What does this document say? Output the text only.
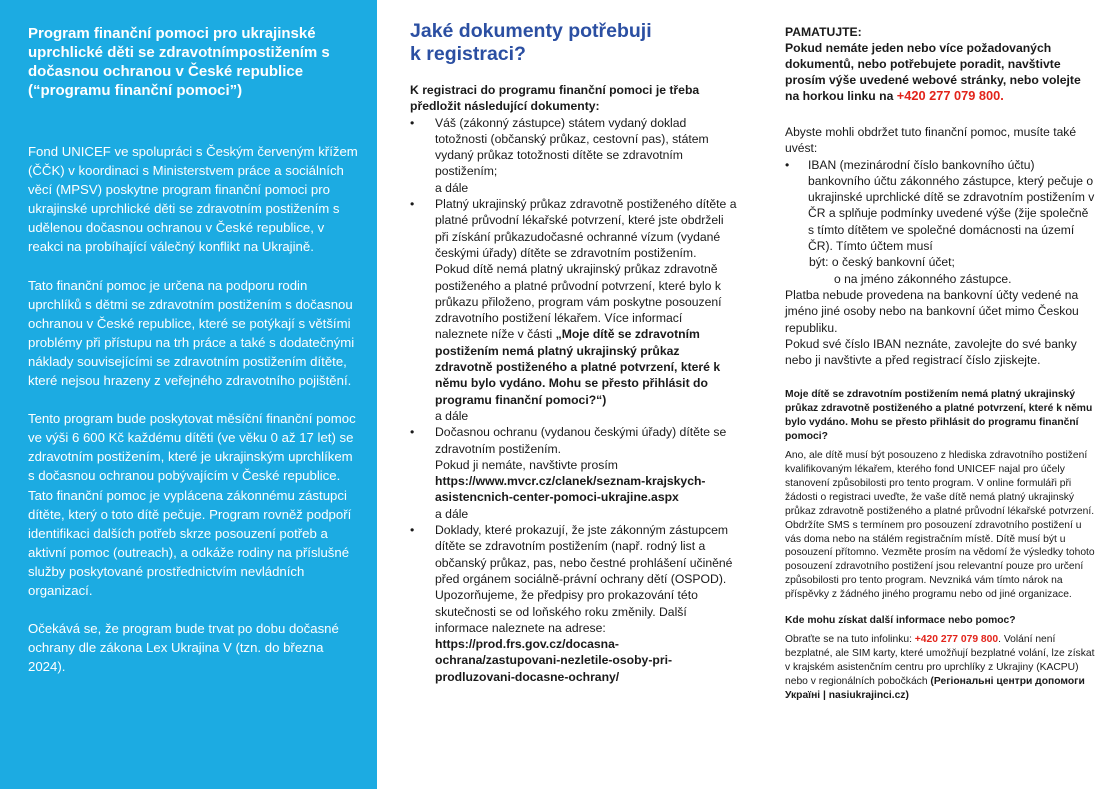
Program finanční pomoci pro ukrajinské uprchlické děti se zdravotnímpostižením s dočasnou ochranou v České republice (“programu finanční pomoci”)

Fond UNICEF ve spolupráci s Českým červeným křížem (ČČK) v koordinaci s Ministerstvem práce a sociálních věcí (MPSV) poskytne program finanční pomoci pro ukrajinské uprchlické děti se zdravotním postižením s udělenou dočasnou ochranou v České republice, v reakci na probíhající válečný konflikt na Ukrajině.

Tato finanční pomoc je určena na podporu rodin uprchlíků s dětmi se zdravotním postižením s dočasnou ochranou v České republice, které se potýkají s většími problémy při přístupu na trh práce a také s dodatečnými náklady souvisejícími se zdravotním postižením dítěte, které nejsou hrazeny z veřejného zdravotního pojištění.

Tento program bude poskytovat měsíční finanční pomoc ve výši 6 600 Kč každému dítěti (ve věku 0 až 17 let) se zdravotním postižením, které je ukrajinským uprchlíkem s dočasnou ochranou pobývajícím v České republice. Tato finanční pomoc je vyplácena zákonnému zástupci dítěte, který o toto dítě pečuje. Program rovněž podpoří identifikaci dalších potřeb skrze posouzení potřeb a aktivní pomoc (outreach), a odkáže rodiny na příslušné služby poskytované prostřednictvím nevládních organizací.

Očekává se, že program bude trvat po dobu dočasné ochrany dle zákona Lex Ukrajina V (tzn. do března 2024).

Jaké dokumenty potřebuji
k registraci?
K registraci do programu finanční pomoci je třeba předložit následující dokumenty:
• Váš (zákonný zástupce) státem vydaný doklad totožnosti (občanský průkaz, cestovní pas), státem vydaný průkaz totožnosti dítěte se zdravotním postižením;
a dále
• Platný ukrajinský průkaz zdravotně postiženého dítěte a platné průvodní lékařské potvrzení, které jste obdrželi při získání průkazudočasné ochranné vízum (vydané českými úřady) dítěte se zdravotním postižením.
Pokud dítě nemá platný ukrajinský průkaz zdravotně postiženého a platné průvodní potvrzení, které bylo k průkazu přiloženo, program vám poskytne posouzení zdravotního postižení lékařem. Více informací naleznete níže v části „Moje dítě se zdravotním postižením nemá platný ukrajinský průkaz zdravotně postiženého a platné potvrzení, které k němu bylo vydáno. Mohu se přesto přihlásit do programu finanční pomoci?“)
a dále
• Dočasnou ochranu (vydanou českými úřady) dítěte se zdravotním postižením.
Pokud ji nemáte, navštivte prosím https://www.mvcr.cz/clanek/seznam-krajskych-asistencnich-center-pomoci-ukrajine.aspx
a dále
• Doklady, které prokazují, že jste zákonným zástupcem dítěte se zdravotním postižením (např. rodný list a občanský průkaz, pas, nebo čestné prohlášení učiněné před orgánem sociálně-právní ochrany dětí (OSPOD).
Upozorňujeme, že předpisy pro prokazování této skutečnosti se od loňského roku změnily. Další informace naleznete na adrese:
https://prod.frs.gov.cz/docasna-ochrana/zastupovani-nezletile-osoby-pri-prodluzovani-docasne-ochrany/
PAMATUJTE:
Pokud nemáte jeden nebo více požadovaných dokumentů, nebo potřebujete poradit, navštivte prosím výše uvedené webové stránky, nebo volejte na horkou linku na +420 277 079 800.

Abyste mohli obdržet tuto finanční pomoc, musíte také uvést:

• IBAN (mezinárodní číslo bankovního účtu) bankovního účtu zákonného zástupce, který pečuje o ukrajinské uprchlické dítě se zdravotním postižením v ČR a splňuje podmínky uvedené výše (žije společně s tímto dítětem ve společné domácnosti na území ČR). Tímto účtem musí
být: o český bankovní účet;
o na jméno zákonného zástupce.

Platba nebude provedena na bankovní účty vedené na jméno jiné osoby nebo na bankovní účet mimo Českou republiku.

Pokud své číslo IBAN neznáte, zavolejte do své banky nebo ji navštivte a před registrací číslo zjiskejte.

Moje dítě se zdravotním postižením nemá platný ukrajinský průkaz zdravotně postiženého a platné potvrzení, které k němu bylo vydáno. Mohu se přesto přihlásit do programu finanční pomoci?

Ano, ale dítě musí být posouzeno z hlediska zdravotního postižení kvalifikovaným lékařem, kterého fond UNICEF najal pro účely stanovení způsobilosti pro tento program. V online formuláři při žádosti o registraci uveďte, že vaše dítě nemá platný ukrajinský průkaz zdravotně postiženého a platné průvodní lékařské potvrzení. Obdržíte SMS s termínem pro posouzení zdravotního postižení u vás doma nebo na stálém registračním místě. Dítě musí být u posouzení přítomno. Vezměte prosím na vědomí že výsledky tohoto posouzení zdravotního postižení jsou relevantní pouze pro určení způsobilosti pro tento program. Nevzniká vám tímto nárok na příspěvky z žádného jiného programu nebo od jiné organizace.

Kde mohu získat další informace nebo pomoc?

Obraťte se na tuto infolinku: +420 277 079 800. Volání není bezplatné, ale SIM karty, které umožňují bezplatné volání, lze získat v krajském asistenčním centru pro uprchlíky z Ukrajiny (KACPU) nebo v regionálních pobočkách (Регіональні центри допомоги Україні | nasiukrajinci.cz)
